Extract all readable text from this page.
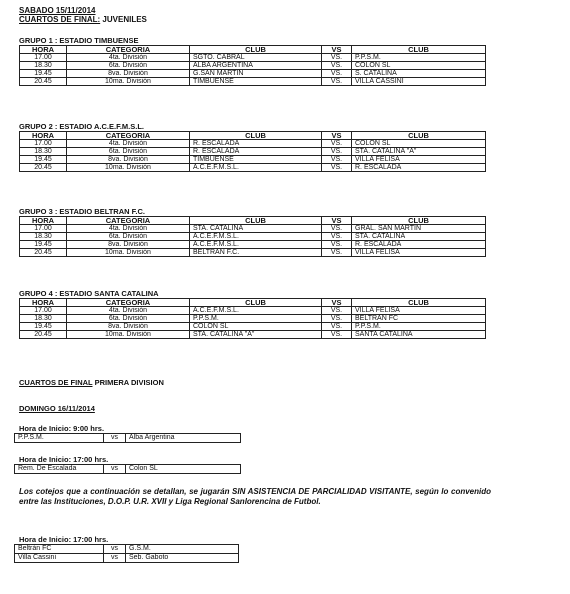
SABADO 15/11/2014
CUARTOS DE FINAL: JUVENILES
GRUPO 1 : ESTADIO TIMBUENSE
HORA	CATEGORIA	CLUB	VS	CLUB
17.00	4ta. División	SGTO. CABRAL	VS.	P.P.S.M.
18.30	6ta. División	ALBA ARGENTINA	VS.	COLON SL
19.45	8va. División	G.SAN MARTIN	VS.	S. CATALINA
20.45	10ma. División	TIMBUENSE	VS.	VILLA CASSINI
GRUPO 2 : ESTADIO A.C.E.F.M.S.L.
HORA	CATEGORIA	CLUB	VS	CLUB
17.00	4ta. División	R. ESCALADA	VS.	COLON SL
18.30	6ta. División	R. ESCALADA	VS.	STA. CATALINA "A"
19.45	8va. División	TIMBUENSE	VS.	VILLA FELISA
20.45	10ma. División	A.C.E.F.M.S.L.	VS.	R. ESCALADA
GRUPO 3 : ESTADIO BELTRAN F.C.
HORA	CATEGORIA	CLUB	VS	CLUB
17.00	4ta. División	STA. CATALINA	VS.	GRAL. SAN MARTIN
18.30	6ta. División	A.C.E.F.M.S.L.	VS.	STA. CATALINA
19.45	8va. División	A.C.E.F.M.S.L.	VS.	R. ESCALADA
20.45	10ma. División	BELTRAN F.C.	VS.	VILLA FELISA
GRUPO 4 : ESTADIO SANTA CATALINA
HORA	CATEGORIA	CLUB	VS	CLUB
17.00	4ta. División	A.C.E.F.M.S.L.	VS.	VILLA FELISA
18.30	6ta. División	P.P.S.M.	VS.	BELTRAN FC
19.45	8va. División	COLON SL	VS.	P.P.S.M.
20.45	10ma. División	STA. CATALINA "A"	VS.	SANTA CATALINA
CUARTOS DE FINAL PRIMERA DIVISION
DOMINGO 16/11/2014
Hora de Inicio: 9:00 hrs.
P.P.S.M.	vs	Alba Argentina
Hora de Inicio: 17:00 hrs.
Rem. De Escalada	vs	Colon SL
Los cotejos que a continuación se detallan, se jugarán SIN ASISTENCIA DE PARCIALIDAD VISITANTE, según lo convenido entre las Instituciones, D.O.P. U.R. XVII y Liga Regional Sanlorencina de Futbol.
Hora de Inicio: 17:00 hrs.
Beltrán FC	vs	G.S.M.
Villa Cassini	vs	Seb. Gaboto
